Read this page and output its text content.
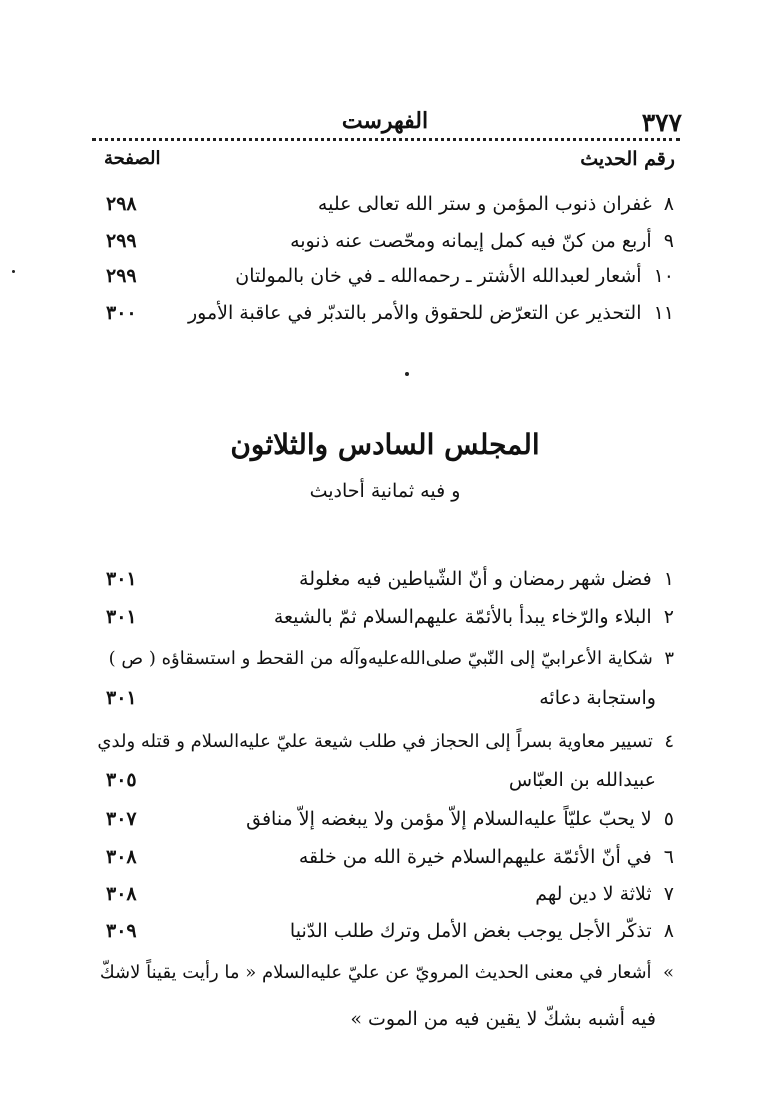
٣٧٧
الفهرست
الصفحة	رقم الحديث
٨  غفران ذنوب المؤمن و ستر الله تعالى عليه
٢٩٨
٩  أربع من كنّ فيه كمل إيمانه ومحّصت عنه ذنوبه
٢٩٩
١٠  أشعار لعبدالله الأشتر ـ رحمه‌الله ـ في خان بالمولتان
٢٩٩
١١  التحذير عن التعرّض للحقوق والأمر بالتدبّر في عاقبة الأمور
٣٠٠
المجلس السادس والثلاثون
و فيه ثمانية أحاديث
١  فضل شهر رمضان و أنّ الشّياطين فيه مغلولة
٣٠١
٢  البلاء والرّخاء يبدأ بالأئمّة عليهم‌السلام ثمّ بالشيعة
٣٠١
٣  شكاية الأعرابيّ إلى النّبيّ صلى‌الله‌عليه‌وآله من القحط و استسقاؤه ( ص )
واستجابة دعائه
٣٠١
٤  تسيير معاوية بسراً إلى الحجاز في طلب شيعة عليّ عليه‌السلام و قتله ولدي
عبيدالله بن العبّاس
٣٠٥
٥  لا يحبّ عليّاً عليه‌السلام إلاّ مؤمن ولا يبغضه إلاّ منافق
٣٠٧
٦  في أنّ الأئمّة عليهم‌السلام خيرة الله من خلقه
٣٠٨
٧  ثلاثة لا دين لهم
٣٠٨
٨  تذكّر الأجل يوجب بغض الأمل وترك طلب الدّنيا
٣٠٩
»  أشعار في معنى الحديث المرويّ عن عليّ عليه‌السلام « ما رأيت يقيناً لاشكّ
فيه أشبه بشكّ لا يقين فيه من الموت »
